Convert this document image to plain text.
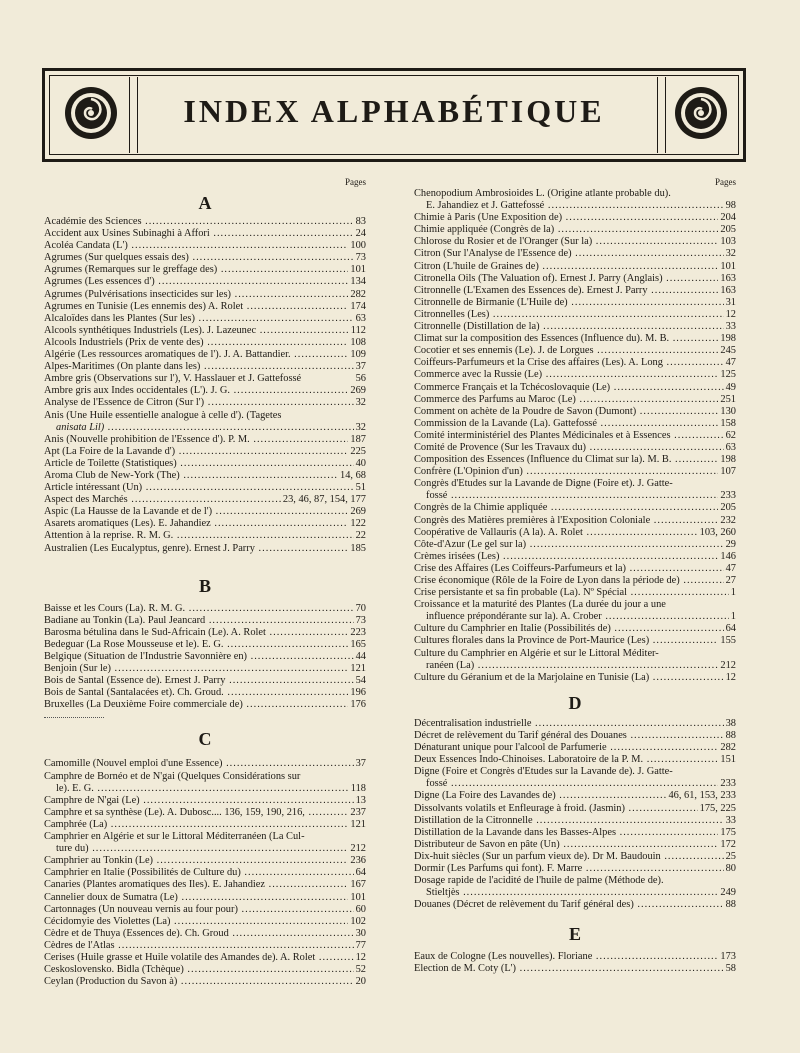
INDEX ALPHABÉTIQUE
Pages
A
Académie des Sciences .....	83
Accident aux Usines Subinaghi à Affori .....	24
Acoléa Candata (L') .....	100
Agrumes (Sur quelques essais des) .....	73
Agrumes (Remarques sur le greffage des) .....	101
Agrumes (Les essences d') .....	134
Agrumes (Pulvérisations insecticides sur les) .....	282
Agrumes en Tunisie (Les ennemis des) A. Rolet .....	174
Alcaloïdes dans les Plantes (Sur les) .....	63
Alcools synthétiques Industriels (Les). J. Lazeunec .....	112
Alcools Industriels (Prix de vente des) .....	108
Algérie (Les ressources aromatiques de l'). J. A. Battandier. .....	109
Alpes-Maritimes (On plante dans les) .....	37
Ambre gris (Observations sur l'), V. Hasslauer et J. Gattefossé	56
Ambre gris aux Indes occidentales (L'). J. G. .....	269
Analyse de l'Essence de Citron (Sur l') .....	32
Anis (Une Huile essentielle analogue à celle d'). (Tagetes
anisata Lil) .....	32
Anis (Nouvelle prohibition de l'Essence d'). P. M. .....	187
Apt (La Foire de la Lavande d') .....	225
Article de Toilette (Statistiques) .....	40
Aroma Club de New-York (The) .....	14, 68
Article intéressant (Un) .....	51
Aspect des Marchés .....	23, 46, 87, 154, 177
Aspic (La Hausse de la Lavande et de l') .....	269
Asarets aromatiques (Les). E. Jahandiez .....	122
Attention à la reprise. R. M. G. .....	22
Australien (Les Eucalyptus, genre). Ernest J. Parry .....	185
B
Baisse et les Cours (La). R. M. G. .....	70
Badiane au Tonkin (La). Paul Jeancard .....	73
Barosma bétulina dans le Sud-Africain (Le). A. Rolet .....	223
Bedeguar (La Rose Mousseuse et le). E. G. .....	165
Belgique (Situation de l'Industrie Savonnière en) .....	44
Benjoin (Sur le) .....	121
Bois de Santal (Essence de). Ernest J. Parry .....	54
Bois de Santal (Santalacées et). Ch. Groud. .....	196
Bruxelles (La Deuxième Foire commerciale de) .....	176
C
Camomille (Nouvel emploi d'une Essence) .....	37
Camphre de Bornéo et de N'gai (Quelques Considérations sur
le). E. G. .....	118
Camphre de N'gai (Le) .....	13
Camphre et sa synthèse (Le). A. Dubosc.... 136, 159, 190, 216, .....	237
Camphrée (La) .....	121
Camphrier en Algérie et sur le Littoral Méditerranéen (La Cul-
ture du) .....	212
Camphrier au Tonkin (Le) .....	236
Camphrier en Italie (Possibilités de Culture du) .....	64
Canaries (Plantes aromatiques des Iles). E. Jahandiez .....	167
Cannelier doux de Sumatra (Le) .....	101
Cartonnages (Un nouveau vernis au four pour) .....	60
Cécidomyie des Violettes (La) .....	102
Cèdre et de Thuya (Essences de). Ch. Groud .....	30
Cèdres de l'Atlas .....	77
Cerises (Huile grasse et Huile volatile des Amandes de). A. Rolet .....	12
Ceskoslovensko. Bidla (Tchèque) .....	52
Ceylan (Production du Savon à) .....	20
Pages
Chenopodium Ambrosioides L. (Origine atlante probable du).
E. Jahandiez et J. Gattefossé .....	98
Chimie à Paris (Une Exposition de) .....	204
Chimie appliquée (Congrès de la) .....	205
Chlorose du Rosier et de l'Oranger (Sur la) .....	103
Citron (Sur l'Analyse de l'Essence de) .....	32
Citron (L'huile de Graines de) .....	101
Citronella Oils (The Valuation of). Ernest J. Parry (Anglais) .....	163
Citronnelle (L'Examen des Essences de). Ernest J. Parry .....	163
Citronnelle de Birmanie (L'Huile de) .....	31
Citronnelles (Les) .....	12
Citronnelle (Distillation de la) .....	33
Climat sur la composition des Essences (Influence du). M. B. .....	198
Cocotier et ses ennemis (Le). J. de Lorgues .....	245
Coiffeurs-Parfumeurs et la Crise des affaires (Les). A. Long .....	47
Commerce avec la Russie (Le) .....	125
Commerce Français et la Tchécoslovaquie (Le) .....	49
Commerce des Parfums au Maroc (Le) .....	251
Comment on achète de la Poudre de Savon (Dumont) .....	130
Commission de la Lavande (La). Gattefossé .....	158
Comité interministériel des Plantes Médicinales et à Essences .....	62
Comité de Provence (Sur les Travaux du) .....	63
Composition des Essences (Influence du Climat sur la). M. B. .....	198
Confrère (L'Opinion d'un) .....	107
Congrès d'Etudes sur la Lavande de Digne (Foire et). J. Gatte-
fossé .....	233
Congrès de la Chimie appliquée .....	205
Congrès des Matières premières à l'Exposition Coloniale .....	232
Coopérative de Vallauris (A la). A. Rolet .....	103, 260
Côte-d'Azur (Le gel sur la) .....	29
Crèmes irisées (Les) .....	146
Crise des Affaires (Les Coiffeurs-Parfumeurs et la) .....	47
Crise économique (Rôle de la Foire de Lyon dans la période de) .....	27
Crise persistante et sa fin probable (La). Nº Spécial .....	1
Croissance et la maturité des Plantes (La durée du jour a une
influence prépondérante sur la). A. Crober .....	1
Culture du Camphrier en Italie (Possibilités de) .....	64
Cultures florales dans la Province de Port-Maurice (Les) .....	155
Culture du Camphrier en Algérie et sur le Littoral Méditer-
ranéen (La) .....	212
Culture du Géranium et de la Marjolaine en Tunisie (La) .....	12
D
Décentralisation industrielle .....	38
Décret de relèvement du Tarif général des Douanes .....	88
Dénaturant unique pour l'alcool de Parfumerie .....	282
Deux Essences Indo-Chinoises. Laboratoire de la P. M. .....	151
Digne (Foire et Congrès d'Etudes sur la Lavande de). J. Gatte-
fossé .....	233
Digne (La Foire des Lavandes de) .....	46, 61, 153, 233
Dissolvants volatils et Enfleurage à froid. (Jasmin) .....	175, 225
Distillation de la Citronnelle .....	33
Distillation de la Lavande dans les Basses-Alpes .....	175
Distributeur de Savon en pâte (Un) .....	172
Dix-huit siècles (Sur un parfum vieux de). Dr M. Baudouin .....	25
Dormir (Les Parfums qui font). F. Marre .....	80
Dosage rapide de l'acidité de l'huile de palme (Méthode de).
Stieltjès .....	249
Douanes (Décret de relèvement du Tarif général des) .....	88
E
Eaux de Cologne (Les nouvelles). Floriane .....	173
Election de M. Coty (L') .....	58
